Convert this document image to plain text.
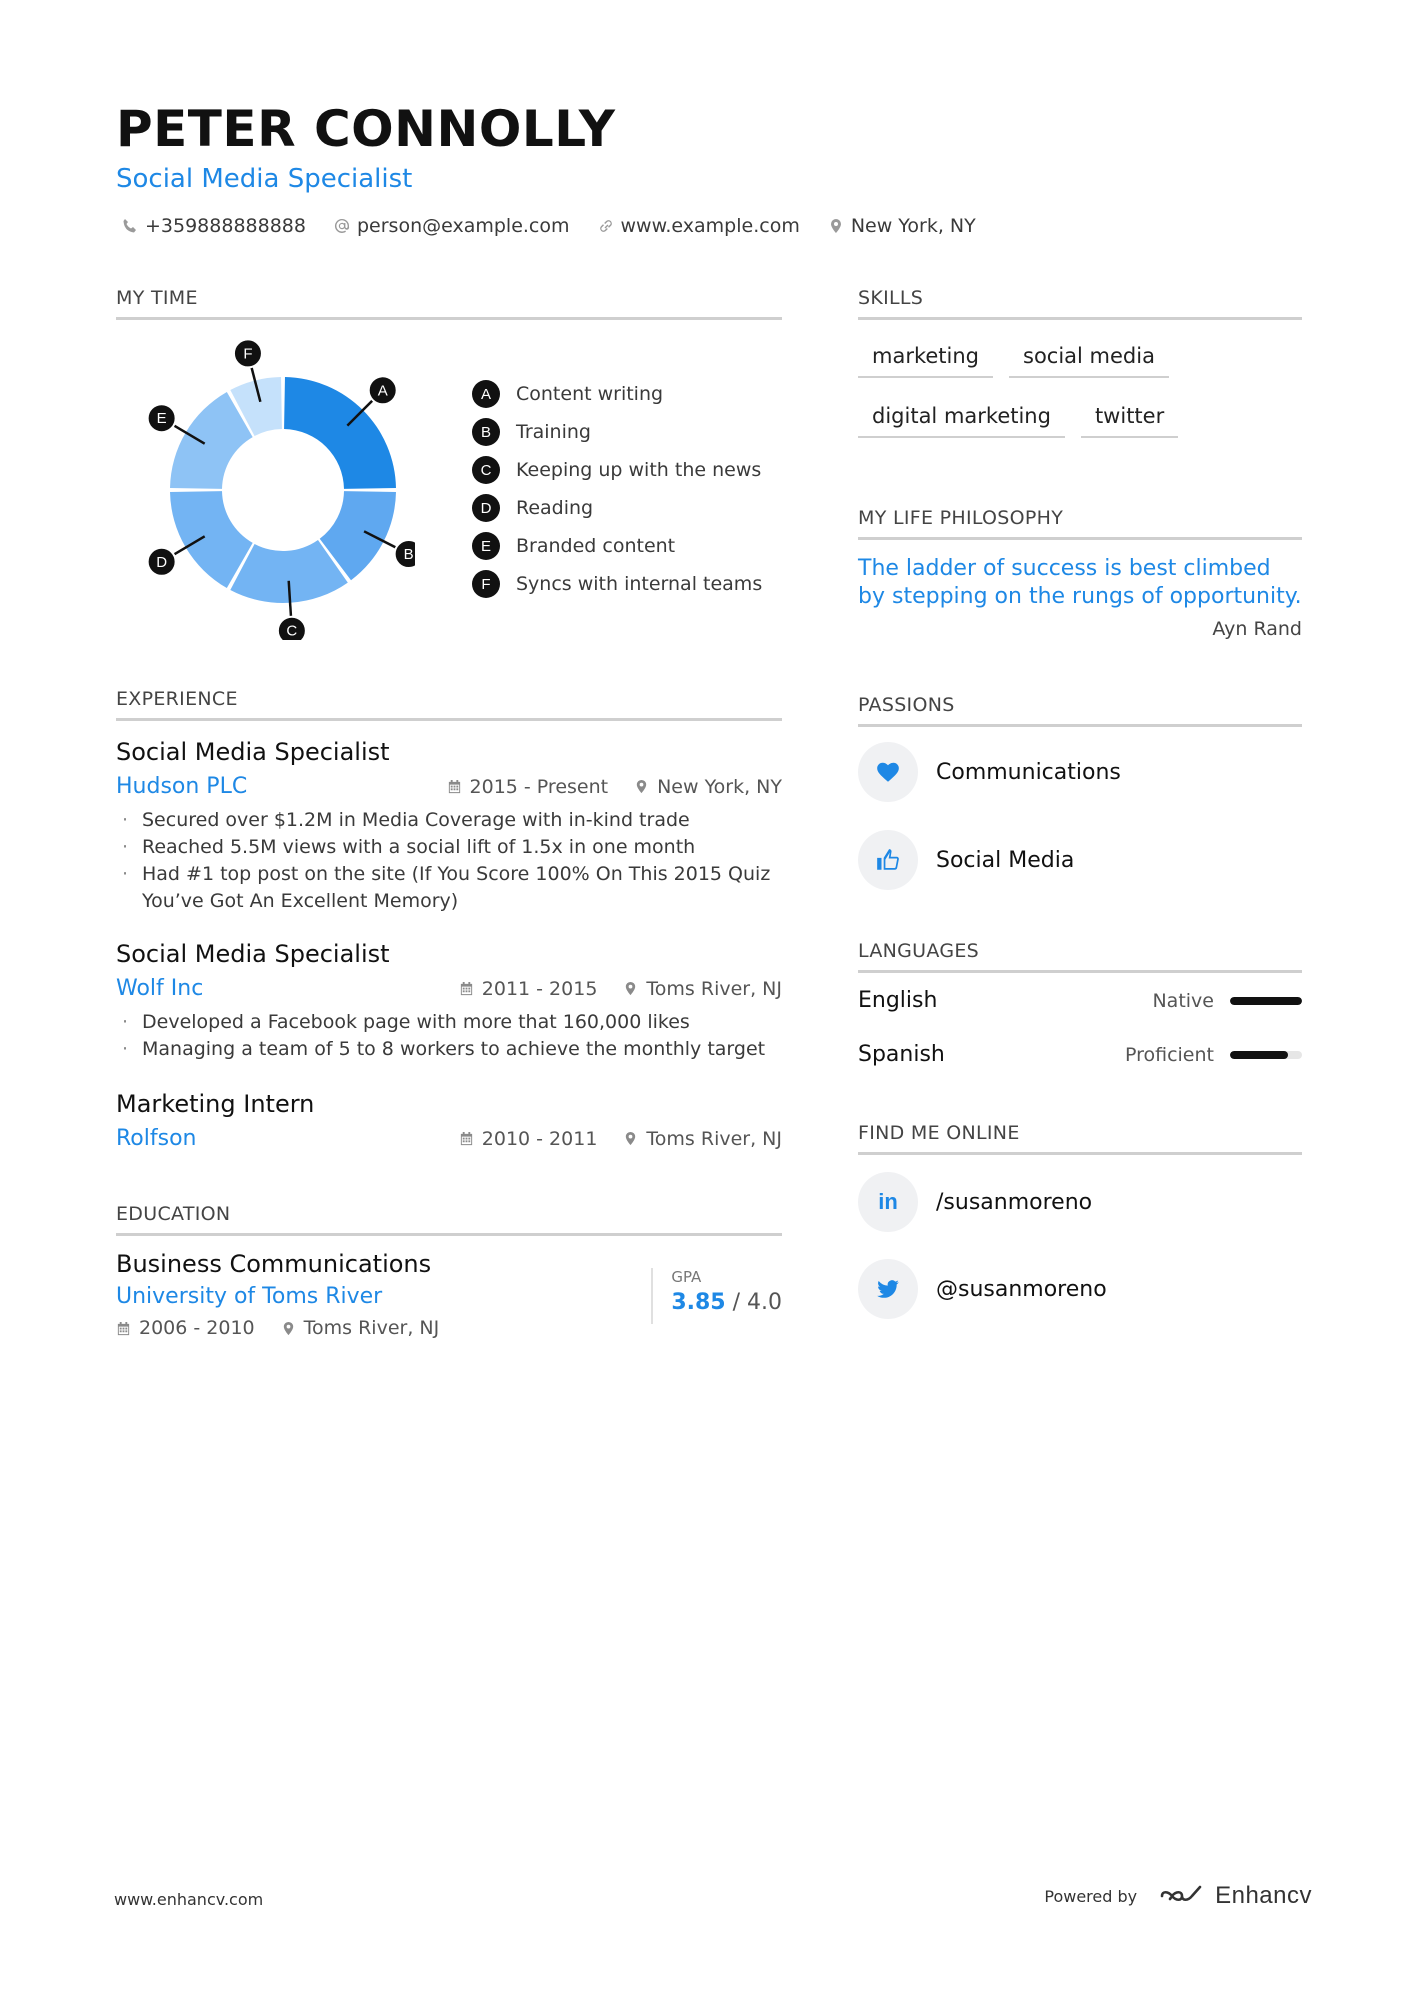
PETER CONNOLLY
Social Media Specialist
+359888888888	person@example.com	www.example.com	New York, NY
MY TIME
A
B
C
D
E
F
A	Content writing
B	Training
C	Keeping up with the news
D	Reading
E	Branded content
F	Syncs with internal teams
SKILLS
marketing	social media
digital marketing	twitter
MY LIFE PHILOSOPHY
The ladder of success is best climbed by stepping on the rungs of opportunity.
Ayn Rand
EXPERIENCE
Social Media Specialist
Hudson PLC	2015 - Present	New York, NY
· Secured over $1.2M in Media Coverage with in-kind trade
· Reached 5.5M views with a social lift of 1.5x in one month
· Had #1 top post on the site (If You Score 100% On This 2015 Quiz You’ve Got An Excellent Memory)
Social Media Specialist
Wolf Inc	2011 - 2015	Toms River, NJ
· Developed a Facebook page with more that 160,000 likes
· Managing a team of 5 to 8 workers to achieve the monthly target
Marketing Intern
Rolfson	2010 - 2011	Toms River, NJ
EDUCATION
Business Communications
University of Toms River
2006 - 2010	Toms River, NJ
GPA
3.85 / 4.0
PASSIONS
Communications
Social Media
LANGUAGES
English	Native
Spanish	Proficient
FIND ME ONLINE
in	/susanmoreno
@susanmoreno
www.enhancv.com	Powered by	Enhancv
